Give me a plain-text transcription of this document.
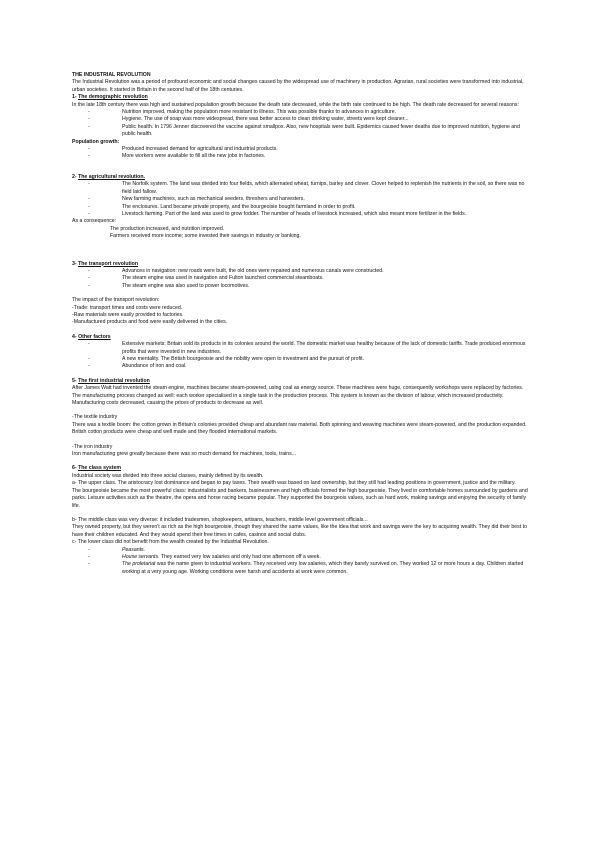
THE INDUSTRIAL REVOLUTION

The Industrial Revolution was a period of profound economic and social changes caused by the widespread use of machinery in production. Agrarian, rural societies were transformed into industrial, urban societies. It started in Britain in the second half of the 18th centuries.

1- The demographic revolution

In the late 18th century there was high and sustained population growth because the death rate decreased, while the birth rate continued to be high. The death rate decreased for several reasons:

- Nutrition improved, making the population more resistant to illness. This was possible thanks to advances in agriculture.
- Hygiene. The use of soap was more widespread, there was better access to clean drinking water, streets were kept cleaner...
- Public health. In 1796 Jenner discovered the vaccine against smallpox. Also, new hospitals were built. Epidemics caused fewer deaths due to improved nutrition, hygiene and public health.

Population growth:

- Produced increased demand for agricultural and industrial products.
- More workers were available to fill all the new jobs in factories.

2- The agricultural revolution.

- The Norfolk system. The land was divided into four fields, which alternated wheat, turnips, barley and clover. Clover helped to replenish the nutrients in the soil, so there was no field laid fallow.
- New farming machines, such as mechanical seeders, threshers and harvesters.
- The enclosures. Land became private property, and the bourgeoisie bought farmland in order to profit.
- Livestock farming. Part of the land was used to grow fodder. The number of heads of livestock increased, which also meant more fertilizer in the fields.

As a consequence:

The production increased, and nutrition improved.

Farmers received more income; some invested their savings in industry or banking.

3- The transport revolution

- Advances in navigation: new roads were built, the old ones were repaired and numerous canals were constructed.
- The steam engine was used in navigation and Fulton launched commercial steamboats.
- The steam engine was also used to power locomotives.

The impact of the transport revolution:

-Trade: transport times and costs were reduced.

-Raw materials were easily provided to factories.

-Manufactured products and food were easily delivered in the cities.

4- Other factors

- Extensive markets: Britain sold its products in its colonies around the world. The domestic market was healthy because of the lack of domestic tariffs. Trade produced enormous profits that were invested in new industries.
- A new mentality. The British bourgeoisie and the nobility were open to investment and the pursuit of profit.
- Abundance of iron and coal.

5- The first industrial revolution

After James Watt had invented the steam engine, machines became steam-powered, using coal as energy source. These machines were huge, consequently workshops were replaced by factories.

The manufacturing process changed as well: each worker specialised in a single task in the production process. This system is known as the division of labour, which increased productivity. Manufacturing costs decreased, causing the prices of products to decrease as well.

-The textile industry

There was a textile boom: the cotton grown in Britain's colonies provided cheap and abundant raw material. Both spinning and weaving machines were steam-powered, and the production expanded. British cotton products were cheap and well made and they flooded international markets.

-The iron industry

Iron manufacturing grew greatly because there was so much demand for machines, tools, trains...

6- The class system

Industrial society was divided into three social classes, mainly defined by its wealth.

a- The upper class. The aristocracy lost dominance and began to pay taxes. Their wealth was based on land ownership, but they still had leading positions in government, justice and the military.

The bourgeoisie became the most powerful class: industrialists and bankers, businessmen and high officials formed the high bourgeoisie. They lived in comfortable homes surrounded by gardens and parks. Leisure activities such as the theatre, the opera and horse racing became popular. They supported the bourgeois values, such as hard work, making savings and enjoying the security of family life.

b- The middle class was very diverse: it included tradesmen, shopkeepers, artisans, teachers, middle level government officials...

They owned property, but they weren't as rich as the high bourgeoisie, though they shared the same values, like the idea that work and savings were the key to acquiring wealth. They did their best to have their children educated. And they would spend their free times in cafes, casinos and social clubs.

c- The lower class did not benefit from the wealth created by the Industrial Revolution.

- Peasants.
- House servants. They earned very low salaries and only had one afternoon off a week.
- The proletariat was the name given to industrial workers. They received very low salaries, which they barely survived on. They worked 12 or more hours a day. Children started working at a very young age. Working conditions were harsh and accidents at work were common.
